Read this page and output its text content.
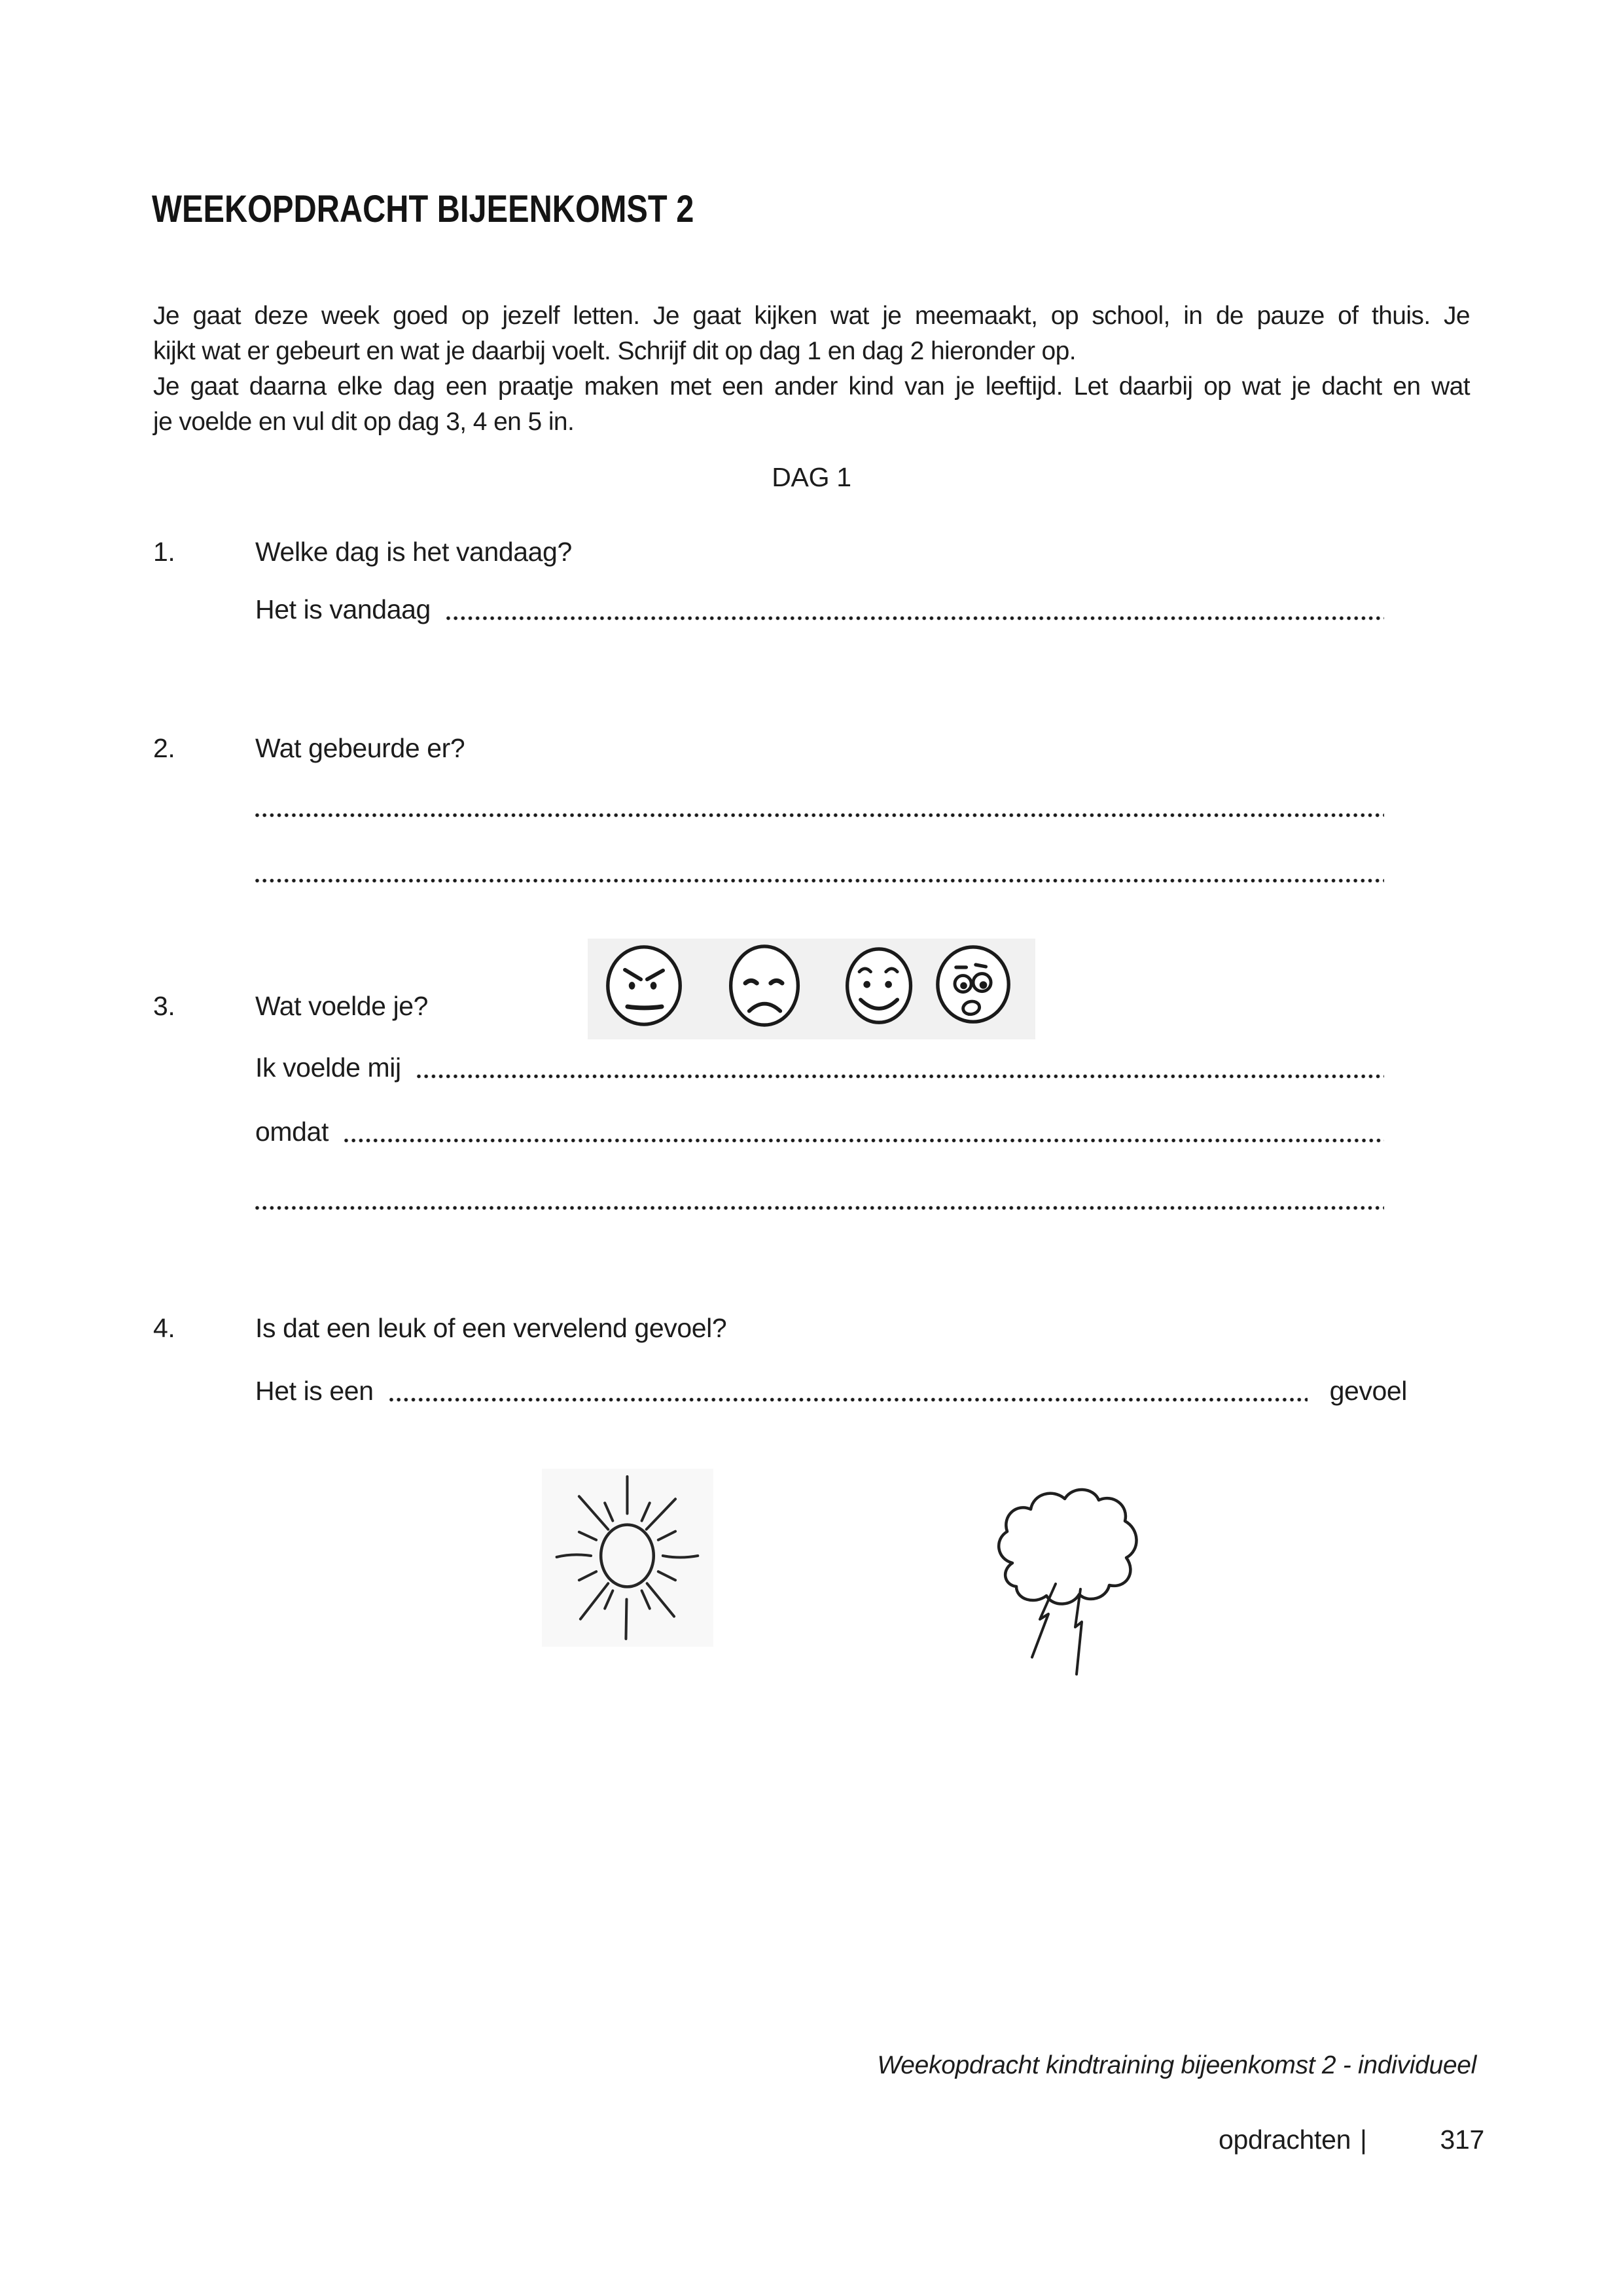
WEEKOPDRACHT BIJEENKOMST 2
Je gaat deze week goed op jezelf letten. Je gaat kijken wat je meemaakt, op school, in de pauze of thuis. Je
kijkt wat er gebeurt en wat je daarbij voelt. Schrijf dit op dag 1 en dag 2 hieronder op.
Je gaat daarna elke dag een praatje maken met een ander kind van je leeftijd. Let daarbij op wat je dacht en wat
je voelde en vul dit op dag 3, 4 en 5 in.
DAG 1
1.	Welke dag is het vandaag?
Het is vandaag
2.	Wat gebeurde er?
3.	Wat voelde je?
Ik voelde mij
omdat
4.	Is dat een leuk of een vervelend gevoel?
Het is een	gevoel
Weekopdracht kindtraining bijeenkomst 2 - individueel
opdrachten |	317
